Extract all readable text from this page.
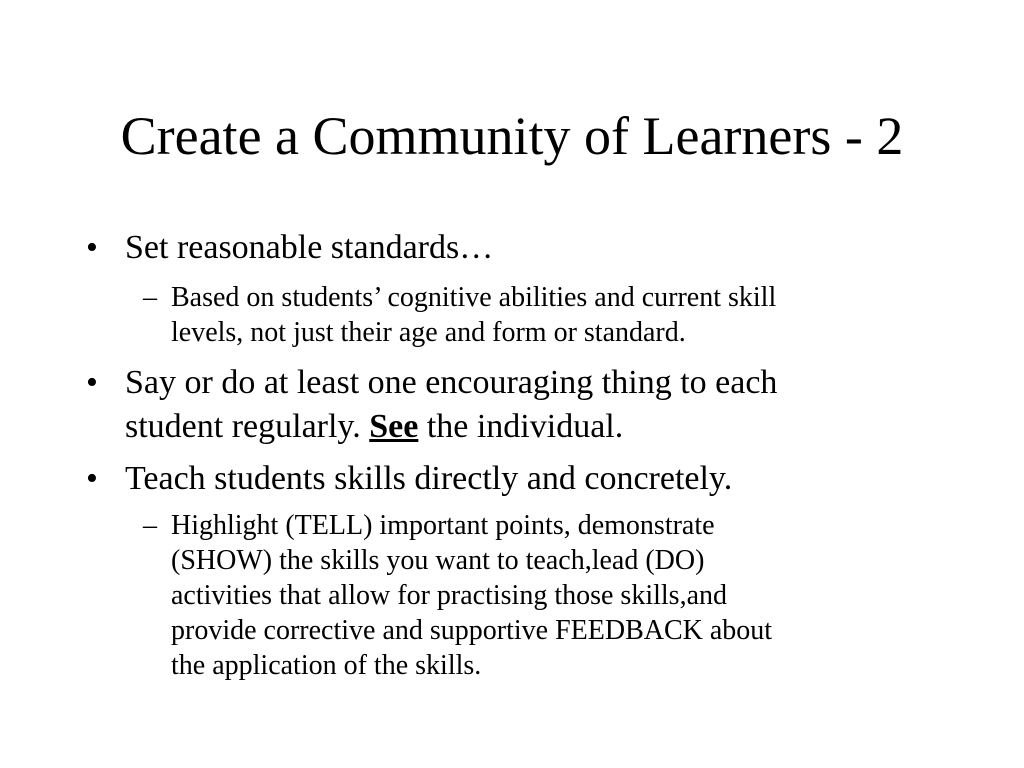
Create a Community of Learners - 2
• Set reasonable standards…
– Based on students’ cognitive abilities and current skill
levels, not just their age and form or standard.
• Say or do at least one encouraging thing to each
student regularly. See the individual.
• Teach students skills directly and concretely.
– Highlight (TELL) important points, demonstrate
(SHOW) the skills you want to teach,lead (DO)
activities that allow for practising those skills,and
provide corrective and supportive FEEDBACK about
the application of the skills.
